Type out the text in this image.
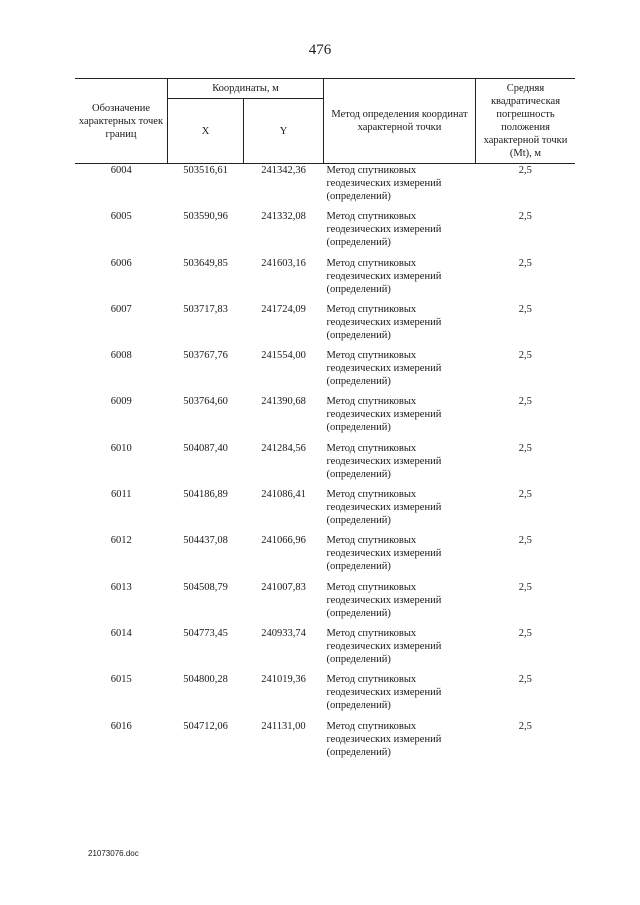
476
Обозначение характерных точек границ	Координаты, м		Метод определения координат характерной точки	Средняя квадратическая погрешность положения характерной точки (Mt), м
	X	Y		
6004	503516,61	241342,36	Метод спутниковых геодезических измерений (определений)	2,5
6005	503590,96	241332,08	Метод спутниковых геодезических измерений (определений)	2,5
6006	503649,85	241603,16	Метод спутниковых геодезических измерений (определений)	2,5
6007	503717,83	241724,09	Метод спутниковых геодезических измерений (определений)	2,5
6008	503767,76	241554,00	Метод спутниковых геодезических измерений (определений)	2,5
6009	503764,60	241390,68	Метод спутниковых геодезических измерений (определений)	2,5
6010	504087,40	241284,56	Метод спутниковых геодезических измерений (определений)	2,5
6011	504186,89	241086,41	Метод спутниковых геодезических измерений (определений)	2,5
6012	504437,08	241066,96	Метод спутниковых геодезических измерений (определений)	2,5
6013	504508,79	241007,83	Метод спутниковых геодезических измерений (определений)	2,5
6014	504773,45	240933,74	Метод спутниковых геодезических измерений (определений)	2,5
6015	504800,28	241019,36	Метод спутниковых геодезических измерений (определений)	2,5
6016	504712,06	241131,00	Метод спутниковых геодезических измерений (определений)	2,5
21073076.doc
